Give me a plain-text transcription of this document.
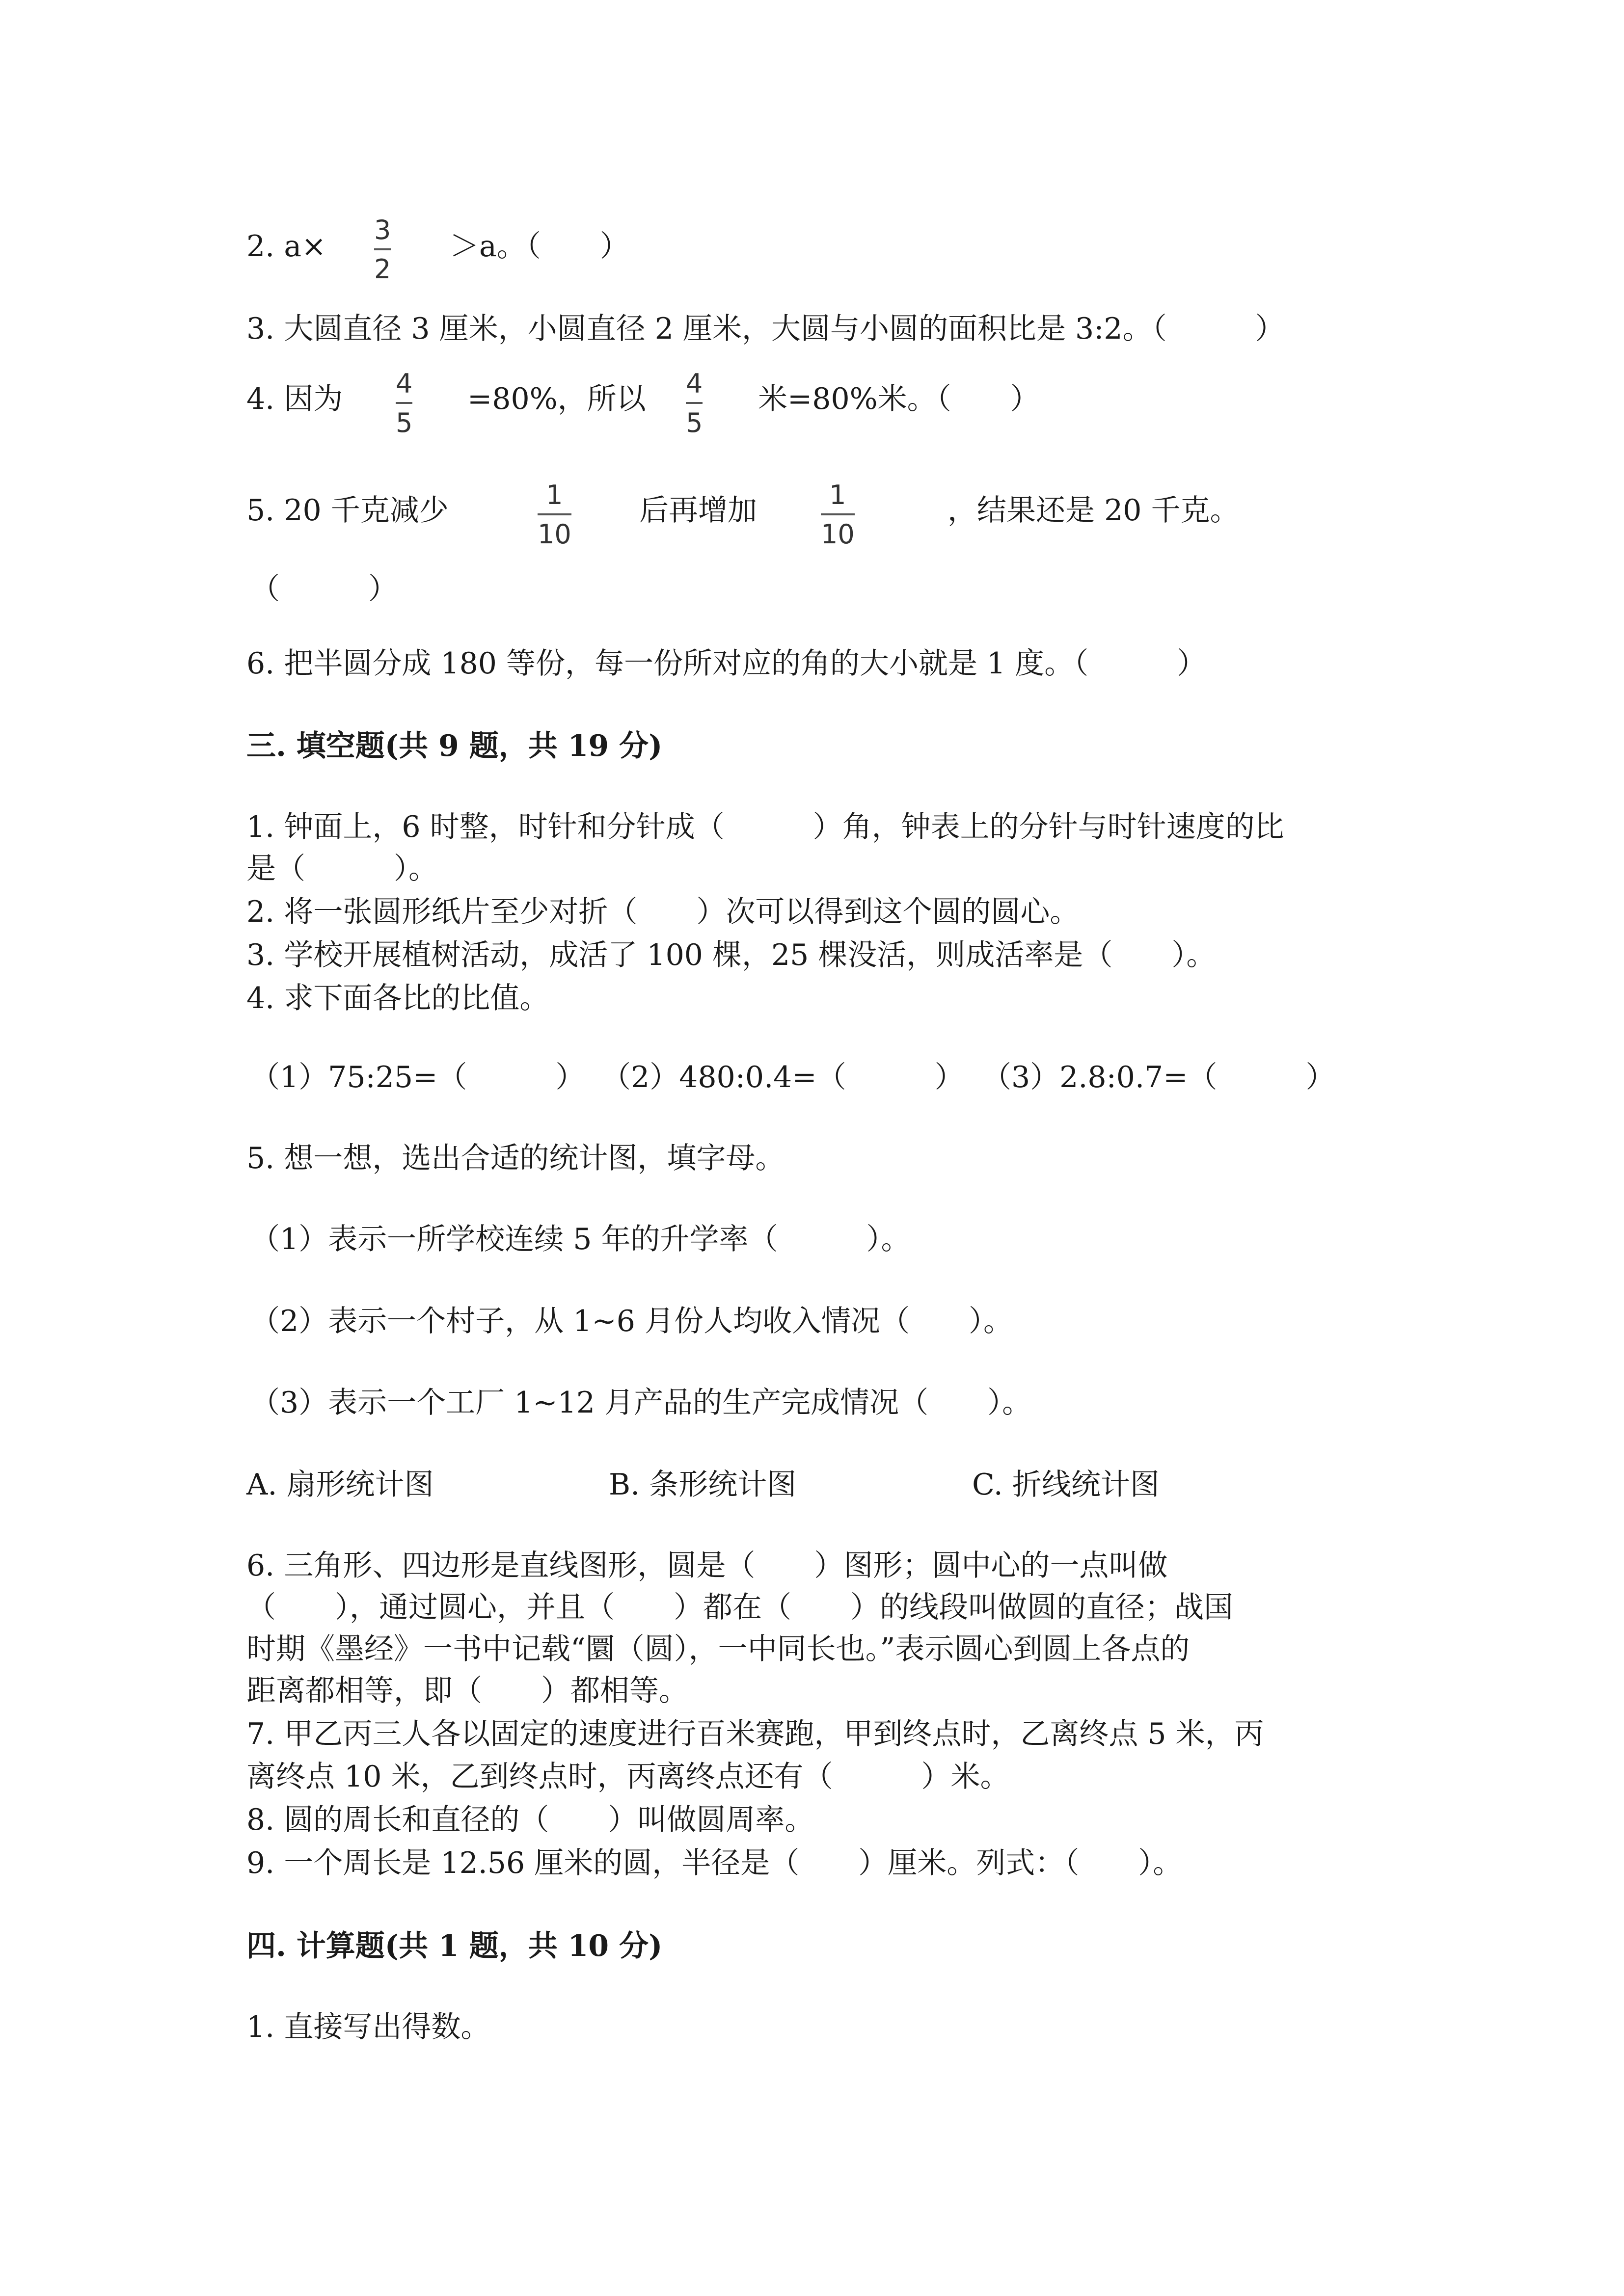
2. a×	＞a。（　　）
3
2
3. 大圆直径 3 厘米，小圆直径 2 厘米，大圆与小圆的面积比是 3:2。（　　　）
4. 因为	=80%，所以	米=80%米。（　　）
4
5
4
5
5. 20 千克减少	后再增加	，结果还是 20 千克。
1
10
1
10
（　　　）
6. 把半圆分成 180 等份，每一份所对应的角的大小就是 1 度。（　　　）
三. 填空题(共 9 题，共 19 分)
1. 钟面上，6 时整，时针和分针成（　　　）角，钟表上的分针与时针速度的比
是（　　　）。
2. 将一张圆形纸片至少对折（　　）次可以得到这个圆的圆心。
3. 学校开展植树活动，成活了 100 棵，25 棵没活，则成活率是（　　）。
4. 求下面各比的比值。
（1）75:25=（　　　） （2）480:0.4=（　　　） （3）2.8:0.7=（　　　）
5. 想一想，选出合适的统计图，填字母。
（1）表示一所学校连续 5 年的升学率（　　　）。
（2）表示一个村子，从 1~6 月份人均收入情况（　　）。
（3）表示一个工厂 1~12 月产品的生产完成情况（　　）。
A. 扇形统计图	B. 条形统计图	C. 折线统计图
6. 三角形、四边形是直线图形，圆是（　　）图形；圆中心的一点叫做
（　　），通过圆心，并且（　　）都在（　　）的线段叫做圆的直径；战国
时期《墨经》一书中记载“圜（圆），一中同长也。”表示圆心到圆上各点的
距离都相等，即（　　）都相等。
7. 甲乙丙三人各以固定的速度进行百米赛跑，甲到终点时，乙离终点 5 米，丙
离终点 10 米，乙到终点时，丙离终点还有（　　　）米。
8. 圆的周长和直径的（　　）叫做圆周率。
9. 一个周长是 12.56 厘米的圆，半径是（　　）厘米。列式：（　　）。
四. 计算题(共 1 题，共 10 分)
1. 直接写出得数。
